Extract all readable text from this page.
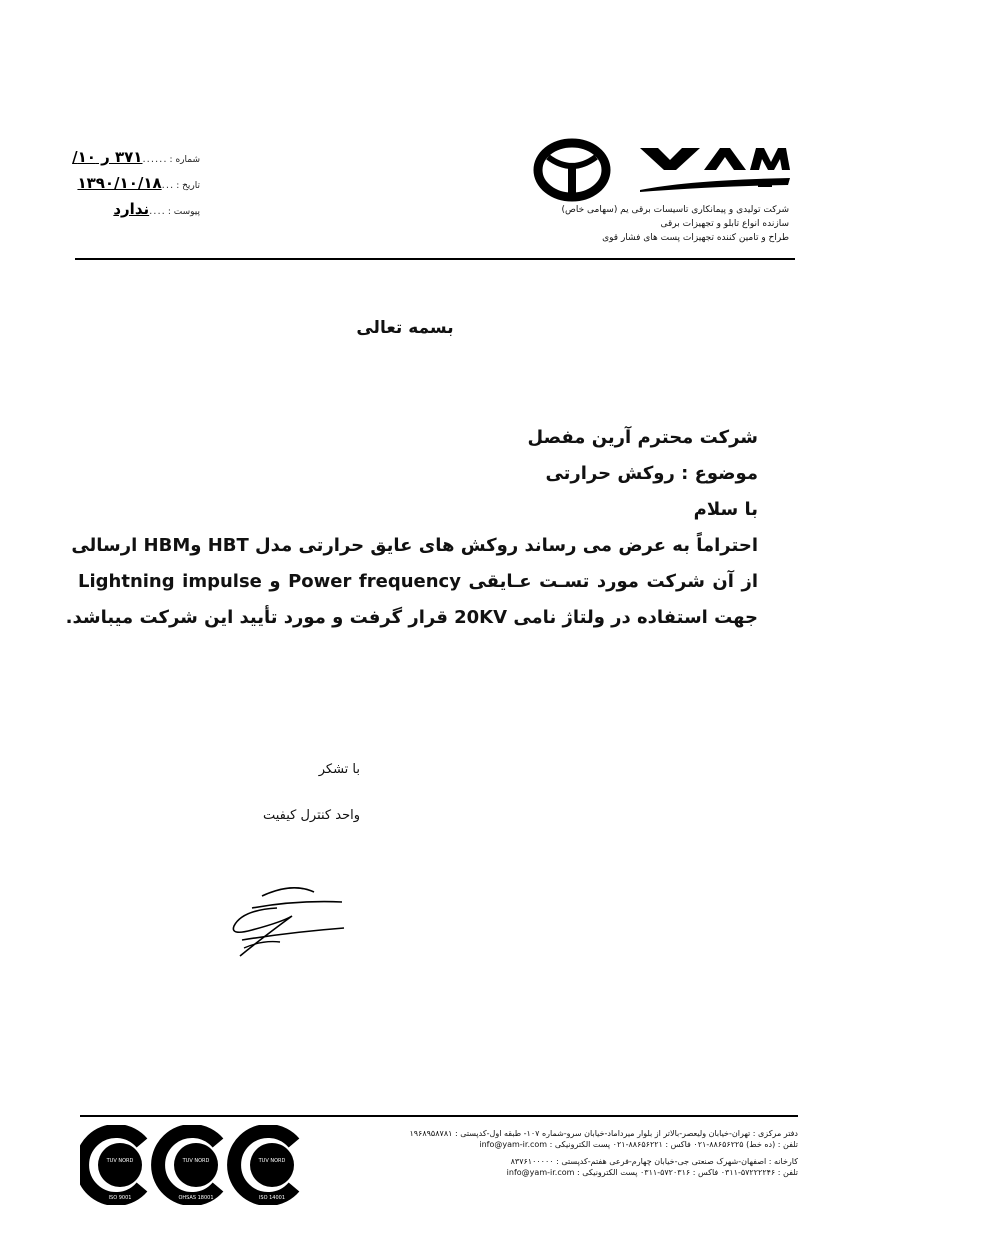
شرکت تولیدی و پیمانکاری تاسیسات برقی یم (سهامی خاص)
سازنده انواع تابلو و تجهیزات برقی
طراح و تامین کننده تجهیزات پست های فشار قوی
شماره :
......
۳۷۱ ر ۱۰/
تاریخ :
...
۱۳۹۰/۱۰/۱۸
پیوست :
....
ندارد
بسمه تعالی
شرکت محترم آرین مفصل
موضوع : روکش حرارتی
با سلام
احتراماً به عرض می رساند روکش های عایق حرارتی مدل HBT وHBM ارسالی
از آن شرکت مورد تسـت عـایقی Power frequency و Lightning impulse
جهت استفاده در ولتاژ نامی 20KV قرار گرفت و مورد تأیید این شرکت میباشد.
با تشکر
واحد کنترل کیفیت
TUV NORD
ISO 9001
TUV NORD
OHSAS 18001
TUV NORD
ISO 14001
دفتر مرکزی : تهران-خیابان ولیعصر-بالاتر از بلوار میرداماد-خیابان سرو-شماره ۱۰۷- طبقه اول-کدپستی : ۱۹۶۸۹۵۸۷۸۱
تلفن : (ده خط) ۸۸۶۵۶۲۲۵-۰۲۱ فاکس : ۸۸۶۵۶۲۲۱-۰۲۱ پست الکترونیکی : info@yam-ir.com
کارخانه : اصفهان-شهرک صنعتی جی-خیابان چهارم-فرعی هفتم-کدپستی : ۸۳۷۶۱۰۰۰۰۰
تلفن : ۵۷۲۲۲۲۴۶-۰۳۱۱ فاکس : ۵۷۲۰۳۱۶-۰۳۱۱ پست الکترونیکی : info@yam-ir.com
